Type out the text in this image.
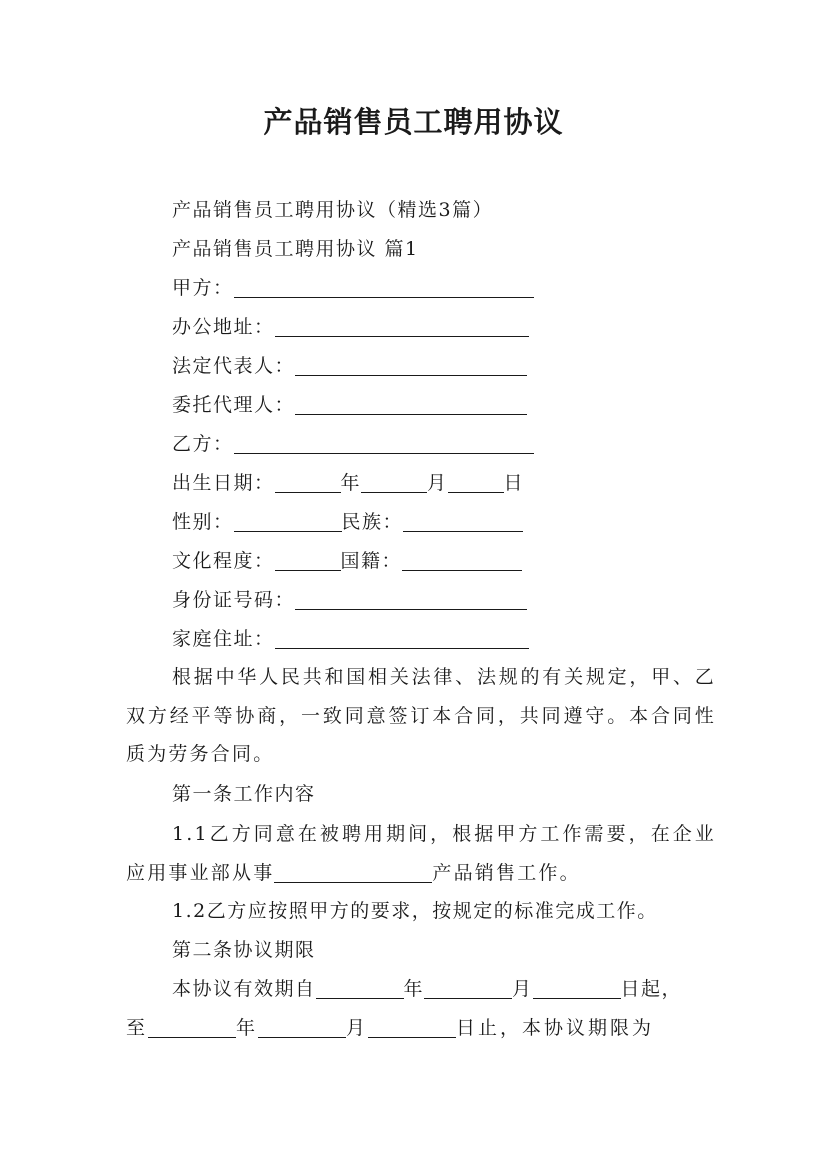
产品销售员工聘用协议
产品销售员工聘用协议（精选3篇）
产品销售员工聘用协议 篇1
甲方：
办公地址：
法定代表人：
委托代理人：
乙方：
出生日期：	年	月	日
性别：	民族：
文化程度：	国籍：
身份证号码：
家庭住址：
根据中华人民共和国相关法律、法规的有关规定，甲、乙双方经平等协商，一致同意签订本合同，共同遵守。本合同性质为劳务合同。
第一条工作内容
1.1乙方同意在被聘用期间，根据甲方工作需要，在企业应用事业部从事	产品销售工作。
1.2乙方应按照甲方的要求，按规定的标准完成工作。
第二条协议期限
本协议有效期自	年	月	日起，
至	年	月	日止，本协议期限为
